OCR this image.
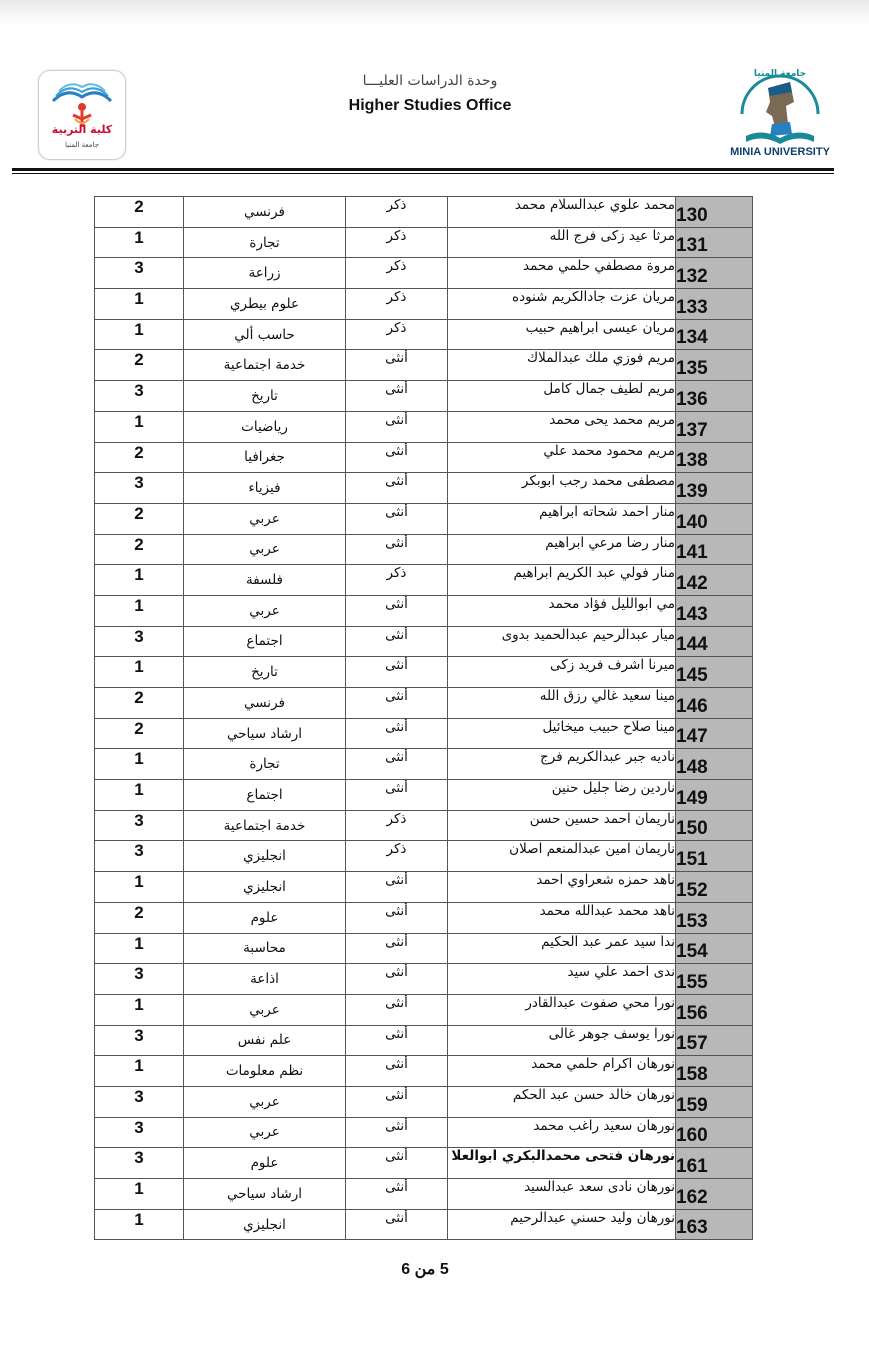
كلية التربية
جامعة المنيا
وحدة الدراسات العليـــا
Higher Studies Office
جامعة المنيا
MINIA UNIVERSITY
2	فرنسي	ذكر	محمد علوي عبدالسلام محمد	130
1	تجارة	ذكر	مرثا عيد زكى فرج الله	131
3	زراعة	ذكر	مروة مصطفي حلمي محمد	132
1	علوم بيطري	ذكر	مريان عزت جادالكريم شنوده	133
1	حاسب ألي	ذكر	مريان عيسى ابراهيم حبيب	134
2	خدمة اجتماعية	أنثى	مريم فوزي ملك عبدالملاك	135
3	تاريخ	أنثى	مريم لطيف جمال كامل	136
1	رياضيات	أنثى	مريم محمد يحى محمد	137
2	جغرافيا	أنثى	مريم محمود محمد علي	138
3	فيزياء	أنثى	مصطفى محمد رجب ابوبكر	139
2	عربي	أنثى	منار احمد شحاته ابراهيم	140
2	عربي	أنثى	منار رضا مرعي ابراهيم	141
1	فلسفة	ذكر	منار فولي عبد الكريم ابراهيم	142
1	عربي	أنثى	مي ابوالليل فؤاد محمد	143
3	اجتماع	أنثى	ميار عبدالرحيم عبدالحميد بدوى	144
1	تاريخ	أنثى	ميرنا اشرف فريد زكى	145
2	فرنسي	أنثى	مينا سعيد غالي رزق الله	146
2	ارشاد سياحي	أنثى	مينا صلاح حبيب ميخائيل	147
1	تجارة	أنثى	ناديه جبر عبدالكريم فرج	148
1	اجتماع	أنثى	ناردين رضا جليل حنين	149
3	خدمة اجتماعية	ذكر	ناريمان احمد حسين حسن	150
3	انجليزي	ذكر	ناريمان امين عبدالمنعم اصلان	151
1	انجليزي	أنثى	ناهد حمزه شعراوي احمد	152
2	علوم	أنثى	ناهد محمد عبدالله محمد	153
1	محاسبة	أنثى	ندا سيد عمر عبد الحكيم	154
3	اذاعة	أنثى	ندى احمد علي سيد	155
1	عربي	أنثى	نورا محي صفوت عبدالقادر	156
3	علم نفس	أنثى	نورا يوسف جوهر غالى	157
1	نظم معلومات	أنثى	نورهان اكرام حلمي محمد	158
3	عربي	أنثى	نورهان خالد حسن عبد الحكم	159
3	عربي	أنثى	نورهان سعيد راغب محمد	160
3	علوم	أنثى	نورهان فتحى محمدالبكري ابوالعلا	161
1	ارشاد سياحي	أنثى	نورهان نادى سعد عبدالسيد	162
1	انجليزي	أنثى	نورهان وليد حسني عبدالرحيم	163
5 من 6
